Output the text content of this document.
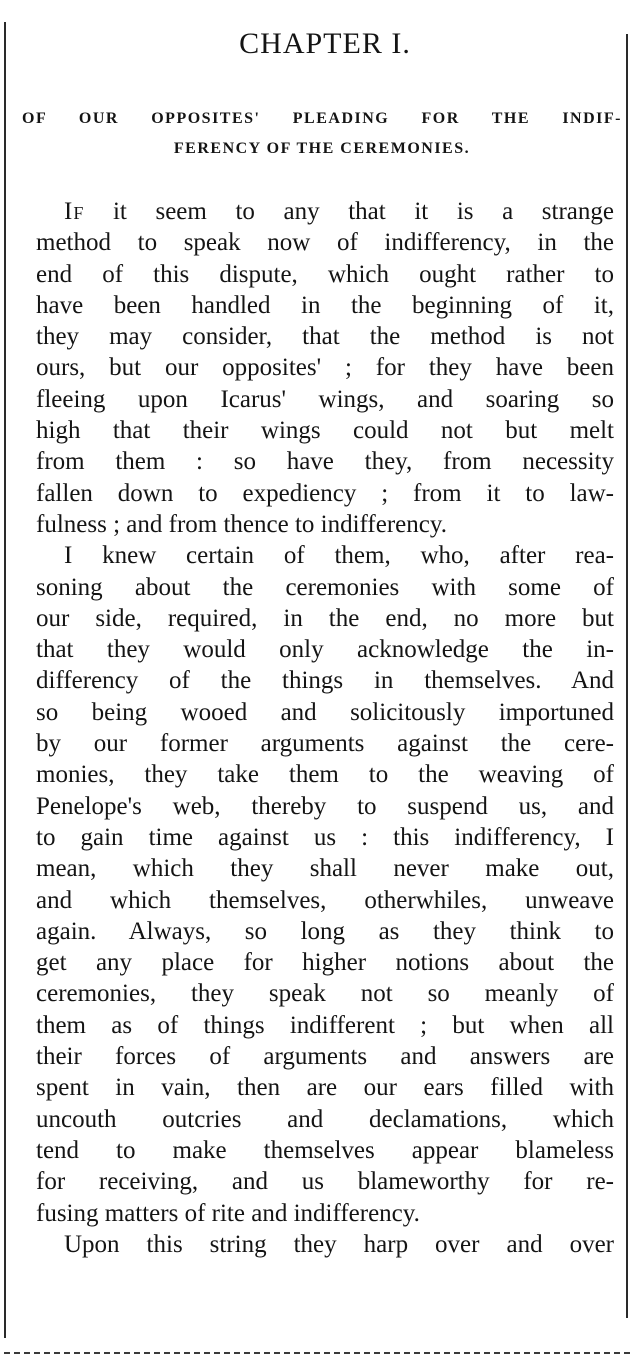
CHAPTER I.
OF OUR OPPOSITES' PLEADING FOR THE INDIF-
FERENCY OF THE CEREMONIES.
If it seem to any that it is a strange
method to speak now of indifferency, in the
end of this dispute, which ought rather to
have been handled in the beginning of it,
they may consider, that the method is not
ours, but our opposites' ; for they have been
fleeing upon Icarus' wings, and soaring so
high that their wings could not but melt
from them : so have they, from necessity
fallen down to expediency ; from it to law-
fulness ; and from thence to indifferency.
I knew certain of them, who, after rea-
soning about the ceremonies with some of
our side, required, in the end, no more but
that they would only acknowledge the in-
differency of the things in themselves. And
so being wooed and solicitously importuned
by our former arguments against the cere-
monies, they take them to the weaving of
Penelope's web, thereby to suspend us, and
to gain time against us : this indifferency, I
mean, which they shall never make out,
and which themselves, otherwhiles, unweave
again. Always, so long as they think to
get any place for higher notions about the
ceremonies, they speak not so meanly of
them as of things indifferent ; but when all
their forces of arguments and answers are
spent in vain, then are our ears filled with
uncouth outcries and declamations, which
tend to make themselves appear blameless
for receiving, and us blameworthy for re-
fusing matters of rite and indifferency.
Upon this string they harp over and over
